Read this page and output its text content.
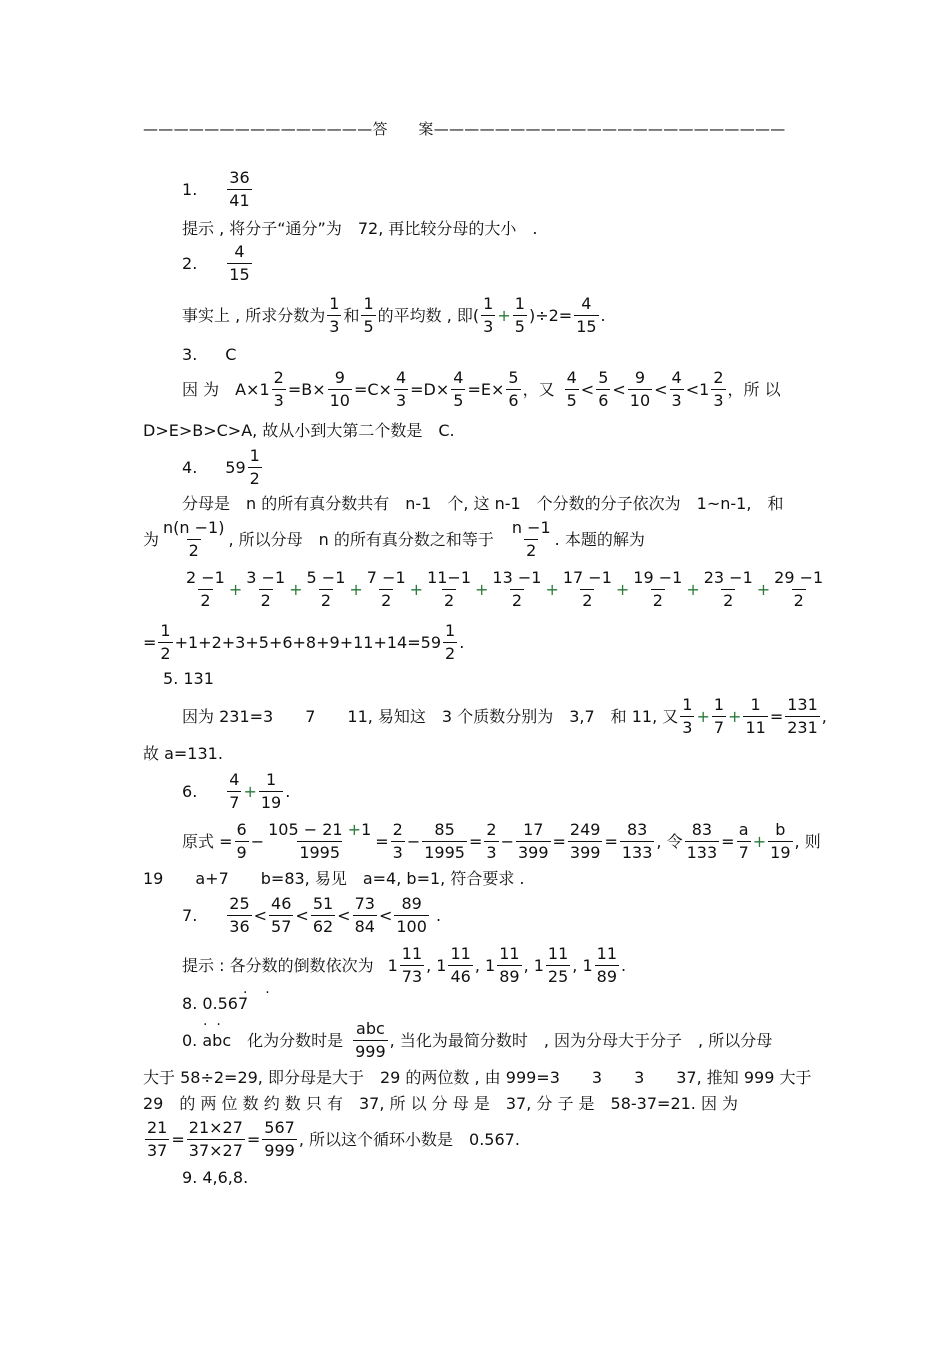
———————————————答　　案———————————————————————
1 .
36
41
提示 , 将分子“通分”为　72, 再比较分母的大小　.
2 .
4
15
事实上 , 所求分数为
1
3
和
1
5
的平均数 , 即(
1
3
+ $\frac{1}{5} )\div 2= \frac{4}{15}$ .
3 . C
因 为　$A\times 1 \frac{2}{3} =B\times \frac{9}{10} =C\times \frac{4}{3} =D\times \frac{4}{5} =E\times \frac{5}{6}$ ，又
4
5
<
5
6
<
9
10
<
4
3
<1
2
3
，所 以
D>E>B>C>A, 故从小到大第二个数是　C.
4 . 59
1
2
分母是　n 的所有真分数共有　n-1　个, 这 n-1　个分数的分子依次为　1~n-1,　和
为
n(n −1)
2
, 所以分母　n 的所有真分数之和等于
n −1
2
. 本题的解为
2 −1
2
+ $\frac{3 -1}{2} + \frac{5 -1}{2} + \frac{7 -1}{2} + \frac{11-1}{2} + \frac{13 -1}{2} + \frac{17 -1}{2} + \frac{19 -1}{2} + \frac{23 -1}{2} + \frac{29 -1}{2}$
= $\frac{1}{2} +1+2+3+5+6+8+9+11+14=59$
1
2
.
5 . 131
因为 231=3　　7　　11, 易知这　3 个质数分别为　3,7　和 11, 又
1
3
+ $\frac{1}{7} + \frac{1}{11} = \frac{131}{231}$ ,
故 a=131.
6 .
4
7
+ $\frac{1}{19}$ .
原式 = $\frac{6}{9} - \frac{105 - 21 +1}{1995} = \frac{2}{3} - \frac{85}{1995} = \frac{2}{3} - \frac{17}{399} = \frac{249}{399} = \frac{83}{133}$ , 令 $\frac{83}{133} = \frac{a}{7} + \frac{b}{19}$ , 则
19　　a+7　　b=83, 易见　a=4, b=1, 符合要求 .
7 .
25
36
<
46
57
<
51
62
<
73
84
<
89
100
.
提示 : 各分数的倒数依次为 1
11
73
, 1
11
46
, 1
11
89
, 1
11
25
, 1
11
89
.
.    .
8 . 0.567
.  .
0. abc　化为分数时是
abc
999
, 当化为最简分数时　, 因为分母大于分子　, 所以分母
大于 58÷2=29, 即分母是大于　29 的两位数 , 由 999=3　　3　　3　　37, 推知 999 大于
29　的 两 位 数 约 数 只 有　37, 所 以 分 母 是　37, 分 子 是　58-37=21. 因 为
$\frac{21}{37} = \frac{21\times 27}{37\times 27} = \frac{567}{999}$ , 所以这个循环小数是　0.567.
9 . 4,6,8.
